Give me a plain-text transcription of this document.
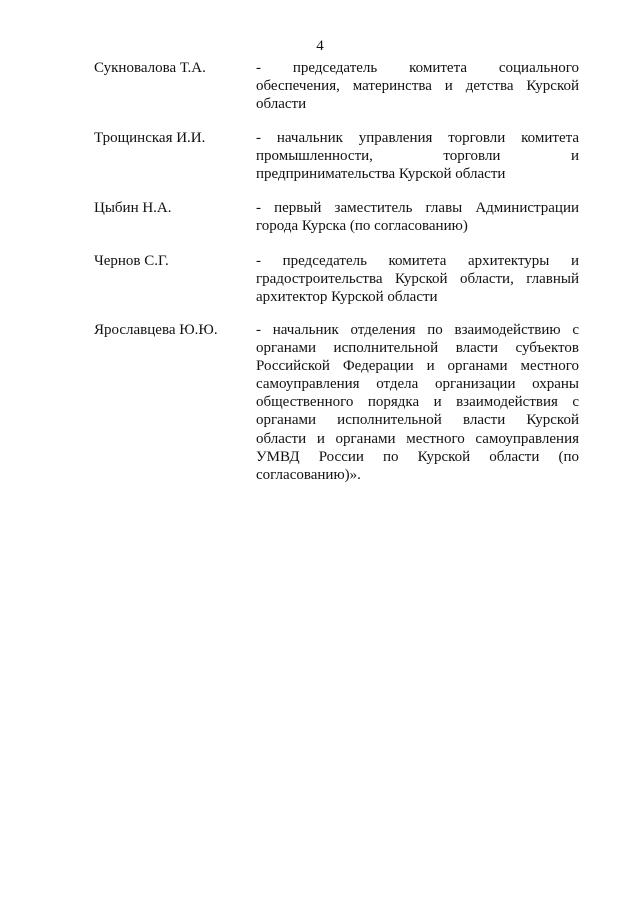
4
Сукновалова Т.А.	- председатель комитета социального
обеспечения, материнства и детства Курской
области
Трощинская И.И.	- начальник управления торговли комитета
промышленности, торговли и
предпринимательства Курской области
Цыбин Н.А.	- первый заместитель главы Администрации
города Курска (по согласованию)
Чернов С.Г.	- председатель комитета архитектуры и
градостроительства Курской области, главный
архитектор Курской области
Ярославцева Ю.Ю.	- начальник отделения по взаимодействию с
органами исполнительной власти субъектов
Российской Федерации и органами местного
самоуправления отдела организации охраны
общественного порядка и взаимодействия с
органами исполнительной власти Курской
области и органами местного самоуправления
УМВД России по Курской области (по
согласованию)».
